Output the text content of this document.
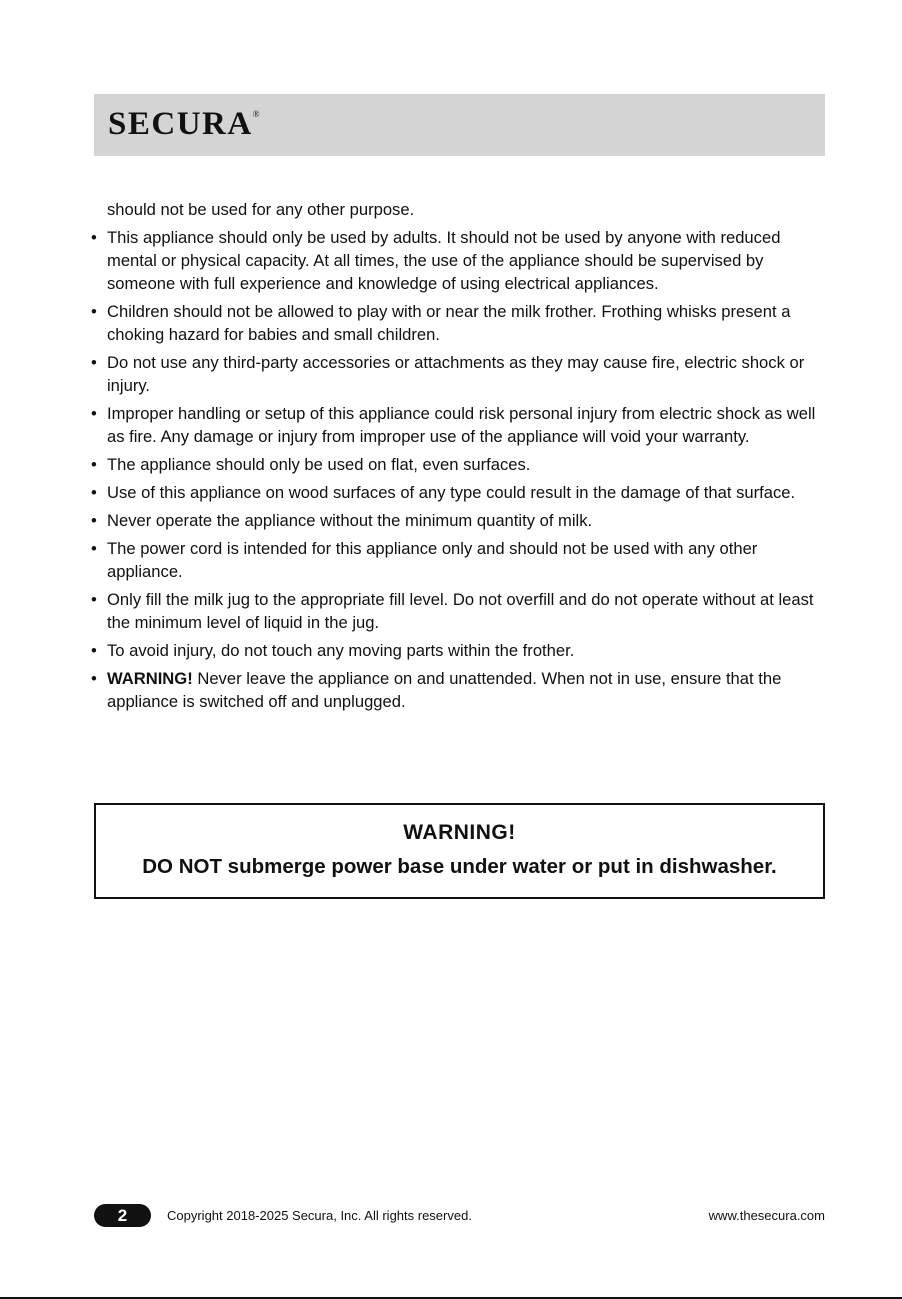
SECURA®

should not be used for any other purpose.

• This appliance should only be used by adults. It should not be used by anyone with reduced mental or physical capacity. At all times, the use of the appliance should be supervised by someone with full experience and knowledge of using electrical appliances.
• Children should not be allowed to play with or near the milk frother. Frothing whisks present a choking hazard for babies and small children.
• Do not use any third-party accessories or attachments as they may cause fire, electric shock or injury.
• Improper handling or setup of this appliance could risk personal injury from electric shock as well as fire. Any damage or injury from improper use of the appliance will void your warranty.
• The appliance should only be used on flat, even surfaces.
• Use of this appliance on wood surfaces of any type could result in the damage of that surface.
• Never operate the appliance without the minimum quantity of milk.
• The power cord is intended for this appliance only and should not be used with any other appliance.
• Only fill the milk jug to the appropriate fill level. Do not overfill and do not operate without at least the minimum level of liquid in the jug.
• To avoid injury, do not touch any moving parts within the frother.
• WARNING! Never leave the appliance on and unattended. When not in use, ensure that the appliance is switched off and unplugged.
WARNING!
DO NOT submerge power base under water or put in dishwasher.
2	Copyright 2018-2025 Secura, Inc. All rights reserved.	www.thesecura.com
